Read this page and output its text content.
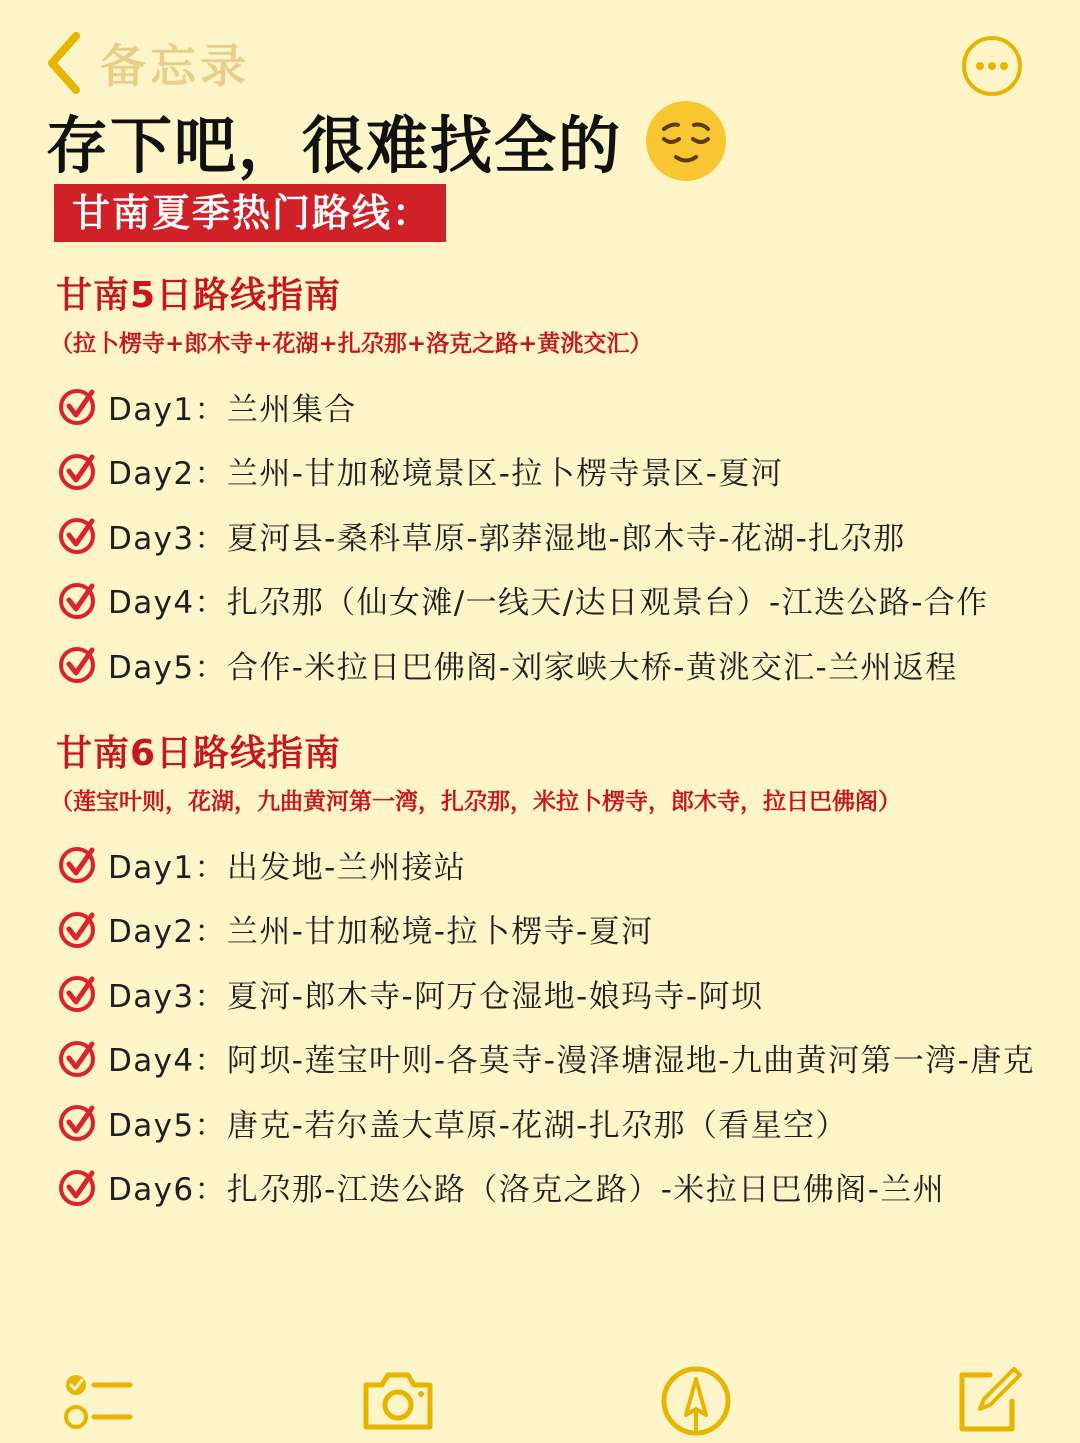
备忘录
存下吧，很难找全的
甘南夏季热门路线：
甘南5日路线指南
（拉卜楞寺+郎木寺+花湖+扎尕那+洛克之路+黄洮交汇）
Day1：兰州集合
Day2：兰州-甘加秘境景区-拉卜楞寺景区-夏河
Day3：夏河县-桑科草原-郭莽湿地-郎木寺-花湖-扎尕那
Day4：扎尕那（仙女滩/一线天/达日观景台）-江迭公路-合作
Day5：合作-米拉日巴佛阁-刘家峡大桥-黄洮交汇-兰州返程
甘南6日路线指南
（莲宝叶则，花湖，九曲黄河第一湾，扎尕那，米拉卜楞寺，郎木寺，拉日巴佛阁）
Day1：出发地-兰州接站
Day2：兰州-甘加秘境-拉卜楞寺-夏河
Day3：夏河-郎木寺-阿万仓湿地-娘玛寺-阿坝
Day4：阿坝-莲宝叶则-各莫寺-漫泽塘湿地-九曲黄河第一湾-唐克
Day5：唐克-若尔盖大草原-花湖-扎尕那（看星空）
Day6：扎尕那-江迭公路（洛克之路）-米拉日巴佛阁-兰州
